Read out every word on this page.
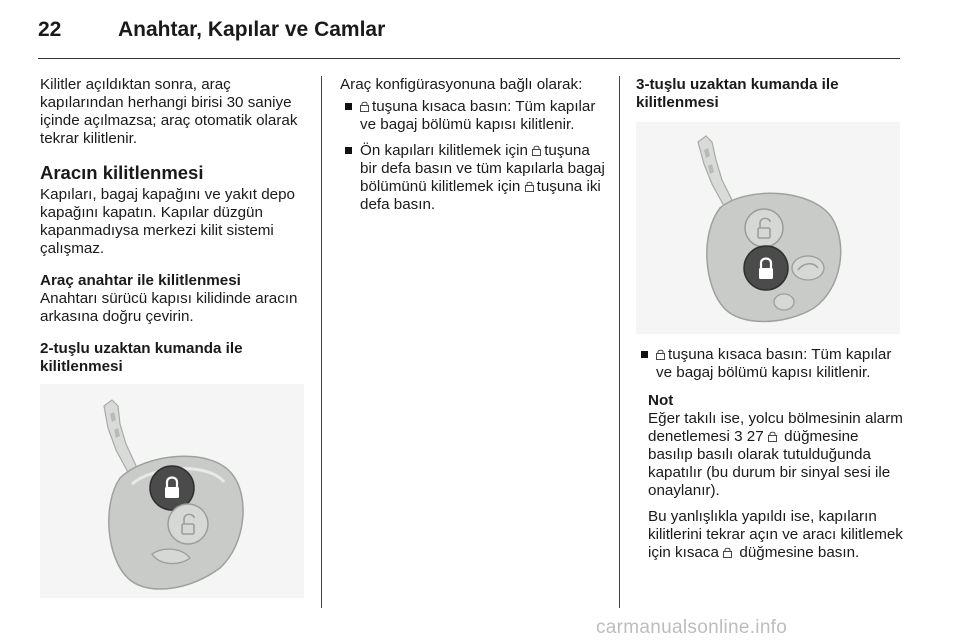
22	Anahtar, Kapılar ve Camlar

Kilitler açıldıktan sonra, araç kapılarından herhangi birisi 30 saniye içinde açılmazsa; araç otomatik olarak tekrar kilitlenir.

Aracın kilitlenmesi

Kapıları, bagaj kapağını ve yakıt depo kapağını kapatın. Kapılar düzgün kapanmadıysa merkezi kilit sistemi çalışmaz.

Araç anahtar ile kilitlenmesi

Anahtarı sürücü kapısı kilidinde aracın arkasına doğru çevirin.

2-tuşlu uzaktan kumanda ile kilitlenmesi

Araç konfigürasyonuna bağlı olarak:

tuşuna kısaca basın: Tüm kapılar ve bagaj bölümü kapısı kilitlenir.
Ön kapıları kilitlemek için tuşuna bir defa basın ve tüm kapılarla bagaj bölümünü kilitlemek için tuşuna iki defa basın.
3-tuşlu uzaktan kumanda ile kilitlenmesi
tuşuna kısaca basın: Tüm kapılar ve bagaj bölümü kapısı kilitlenir.
Not

Eğer takılı ise, yolcu bölmesinin alarm denetlemesi 3 27 düğmesine basılıp basılı olarak tutulduğunda kapatılır (bu durum bir sinyal sesi ile onaylanır).

Bu yanlışlıkla yapıldı ise, kapıların kilitlerini tekrar açın ve aracı kilitlemek için kısaca düğmesine basın.

carmanualsonline.info
